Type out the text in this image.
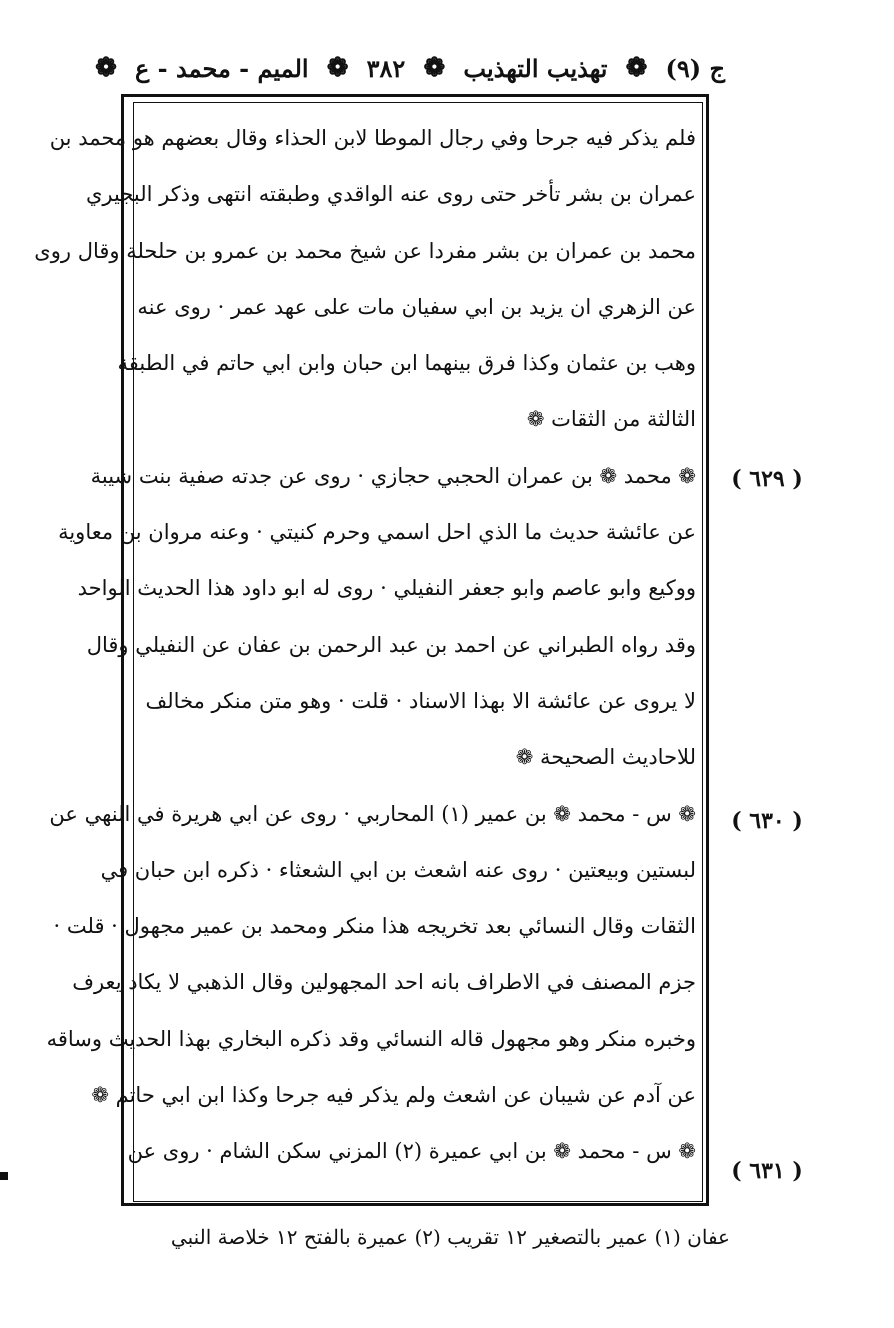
ج (٩)
❁
تهذيب التهذيب
❁
٣٨٢
❁
الميم - محمد - ع
❁
فلم يذكر فيه جرحا وفي رجال الموطا لابن الحذاء وقال بعضهم هو محمد بن
عمران بن بشر تأخر حتى روى عنه الواقدي وطبقته انتهى وذكر البجيري
محمد بن عمران بن بشر مفردا عن شيخ محمد بن عمرو بن حلحلة وقال روى
عن الزهري ان يزيد بن ابي سفيان مات على عهد عمر · روى عنه
وهب بن عثمان وكذا فرق بينهما ابن حبان وابن ابي حاتم في الطبقة
الثالثة من الثقات ❁
❁ محمد ❁ بن عمران الحجبي حجازي · روى عن جدته صفية بنت شيبة
عن عائشة حديث ما الذي احل اسمي وحرم كنيتي · وعنه مروان بن معاوية
ووكيع وابو عاصم وابو جعفر النفيلي · روى له ابو داود هذا الحديث الواحد
وقد رواه الطبراني عن احمد بن عبد الرحمن بن عفان عن النفيلي وقال
لا يروى عن عائشة الا بهذا الاسناد · قلت · وهو متن منكر مخالف
للاحاديث الصحيحة ❁
❁ س - محمد ❁ بن عمير (١) المحاربي · روى عن ابي هريرة في النهي عن
لبستين وبيعتين · روى عنه اشعث بن ابي الشعثاء · ذكره ابن حبان في
الثقات وقال النسائي بعد تخريجه هذا منكر ومحمد بن عمير مجهول · قلت ·
جزم المصنف في الاطراف بانه احد المجهولين وقال الذهبي لا يكاد يعرف
وخبره منكر وهو مجهول قاله النسائي وقد ذكره البخاري بهذا الحديث وساقه
عن آدم عن شيبان عن اشعث ولم يذكر فيه جرحا وكذا ابن ابي حاتم ❁
❁ س - محمد ❁ بن ابي عميرة (٢) المزني سكن الشام · روى عن
( ٦٢٩ )
( ٦٣٠ )
( ٦٣١ )
عفان (١) عمير بالتصغير ١٢ تقريب (٢) عميرة بالفتح ١٢ خلاصة النبي
